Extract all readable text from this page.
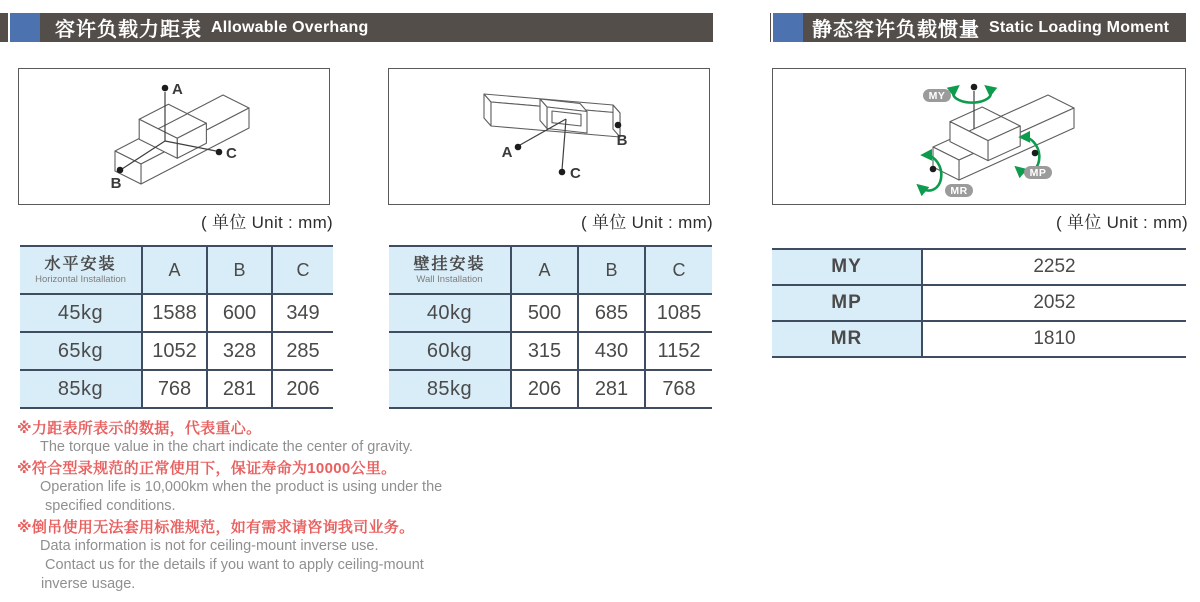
容许负载力距表 Allowable Overhang	静态容许负载惯量 Static Loading Moment
A
B
C
( 单位 Unit : mm)
A
B
C
( 单位 Unit : mm)
MY
MP
MR
( 单位 Unit : mm)
水平安装
Horizontal Installation	A	B	C
45kg	1588	600	349
65kg	1052	328	285
85kg	768	281	206
壁挂安装
Wall Installation	A	B	C
40kg	500	685	1085
60kg	315	430	1152
85kg	206	281	768
MY	2252
MP	2052
MR	1810
※力距表所表示的数据，代表重心。
The torque value in the chart indicate the center of gravity.
※符合型录规范的正常使用下，保证寿命为10000公里。
Operation life is 10,000km when the product is using under the
specified conditions.
※倒吊使用无法套用标准规范，如有需求请咨询我司业务。
Data information is not for ceiling-mount inverse use.
Contact us for the details if you want to apply ceiling-mount
inverse usage.
